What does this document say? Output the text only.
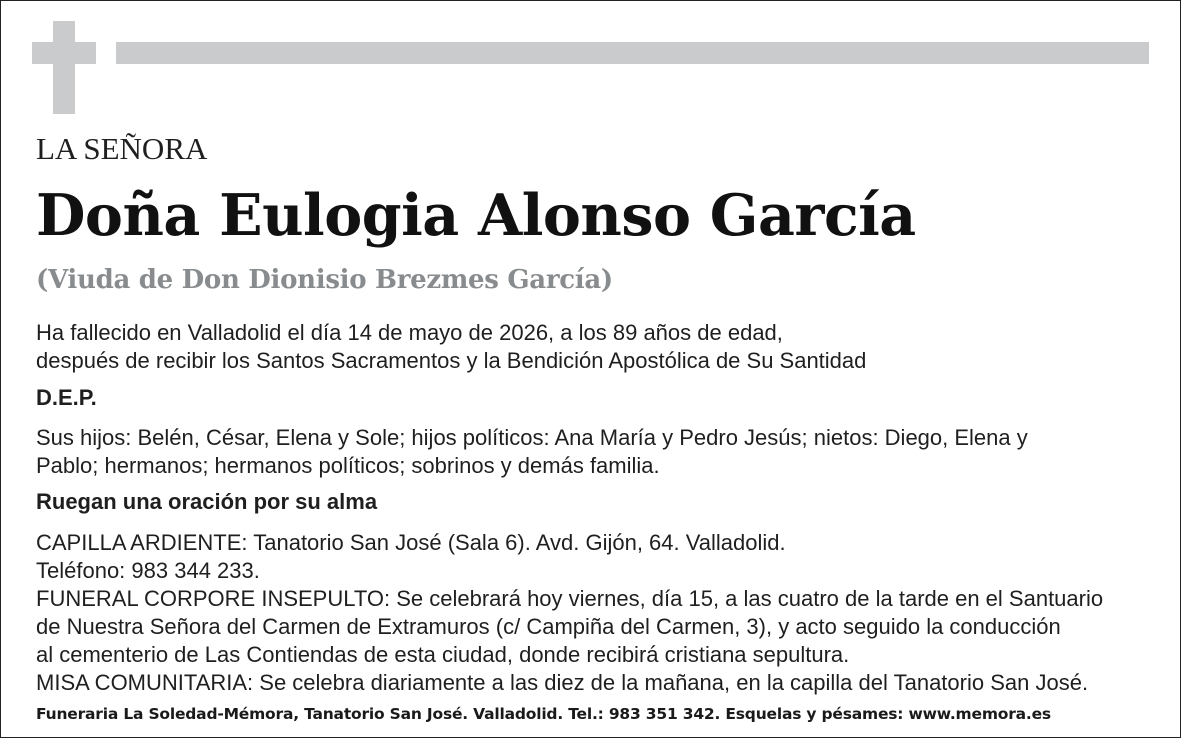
LA SEÑORA
Doña Eulogia Alonso García
(Viuda de Don Dionisio Brezmes García)
Ha fallecido en Valladolid el día 14 de mayo de 2026, a los 89 años de edad,
después de recibir los Santos Sacramentos y la Bendición Apostólica de Su Santidad
D.E.P.
Sus hijos: Belén, César, Elena y Sole; hijos políticos: Ana María y Pedro Jesús; nietos: Diego, Elena y
Pablo; hermanos; hermanos políticos; sobrinos y demás familia.
Ruegan una oración por su alma
CAPILLA ARDIENTE: Tanatorio San José (Sala 6). Avd. Gijón, 64. Valladolid.
Teléfono: 983 344 233.
FUNERAL CORPORE INSEPULTO: Se celebrará hoy viernes, día 15, a las cuatro de la tarde en el Santuario
de Nuestra Señora del Carmen de Extramuros (c/ Campiña del Carmen, 3), y acto seguido la conducción
al cementerio de Las Contiendas de esta ciudad, donde recibirá cristiana sepultura.
MISA COMUNITARIA: Se celebra diariamente a las diez de la mañana, en la capilla del Tanatorio San José.
Funeraria La Soledad-Mémora, Tanatorio San José. Valladolid. Tel.: 983 351 342. Esquelas y pésames: www.memora.es
